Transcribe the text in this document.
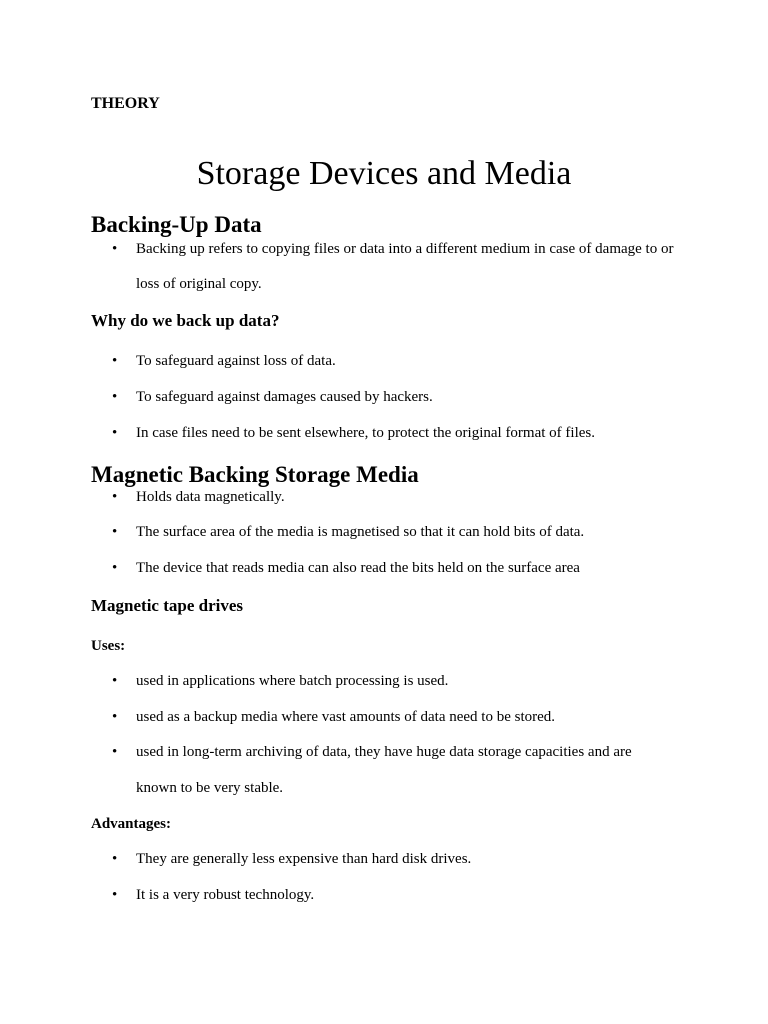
THEORY

Storage Devices and Media
Backing-Up Data
• Backing up refers to copying files or data into a different medium in case of damage to or
loss of original copy.
Why do we back up data?
• To safeguard against loss of data.
• To safeguard against damages caused by hackers.
• In case files need to be sent elsewhere, to protect the original format of files.
Magnetic Backing Storage Media
• Holds data magnetically.
• The surface area of the media is magnetised so that it can hold bits of data.
• The device that reads media can also read the bits held on the surface area
Magnetic tape drives
Uses:
• used in applications where batch processing is used.
• used as a backup media where vast amounts of data need to be stored.
• used in long-term archiving of data, they have huge data storage capacities and are
known to be very stable.
Advantages:
• They are generally less expensive than hard disk drives.
• It is a very robust technology.
